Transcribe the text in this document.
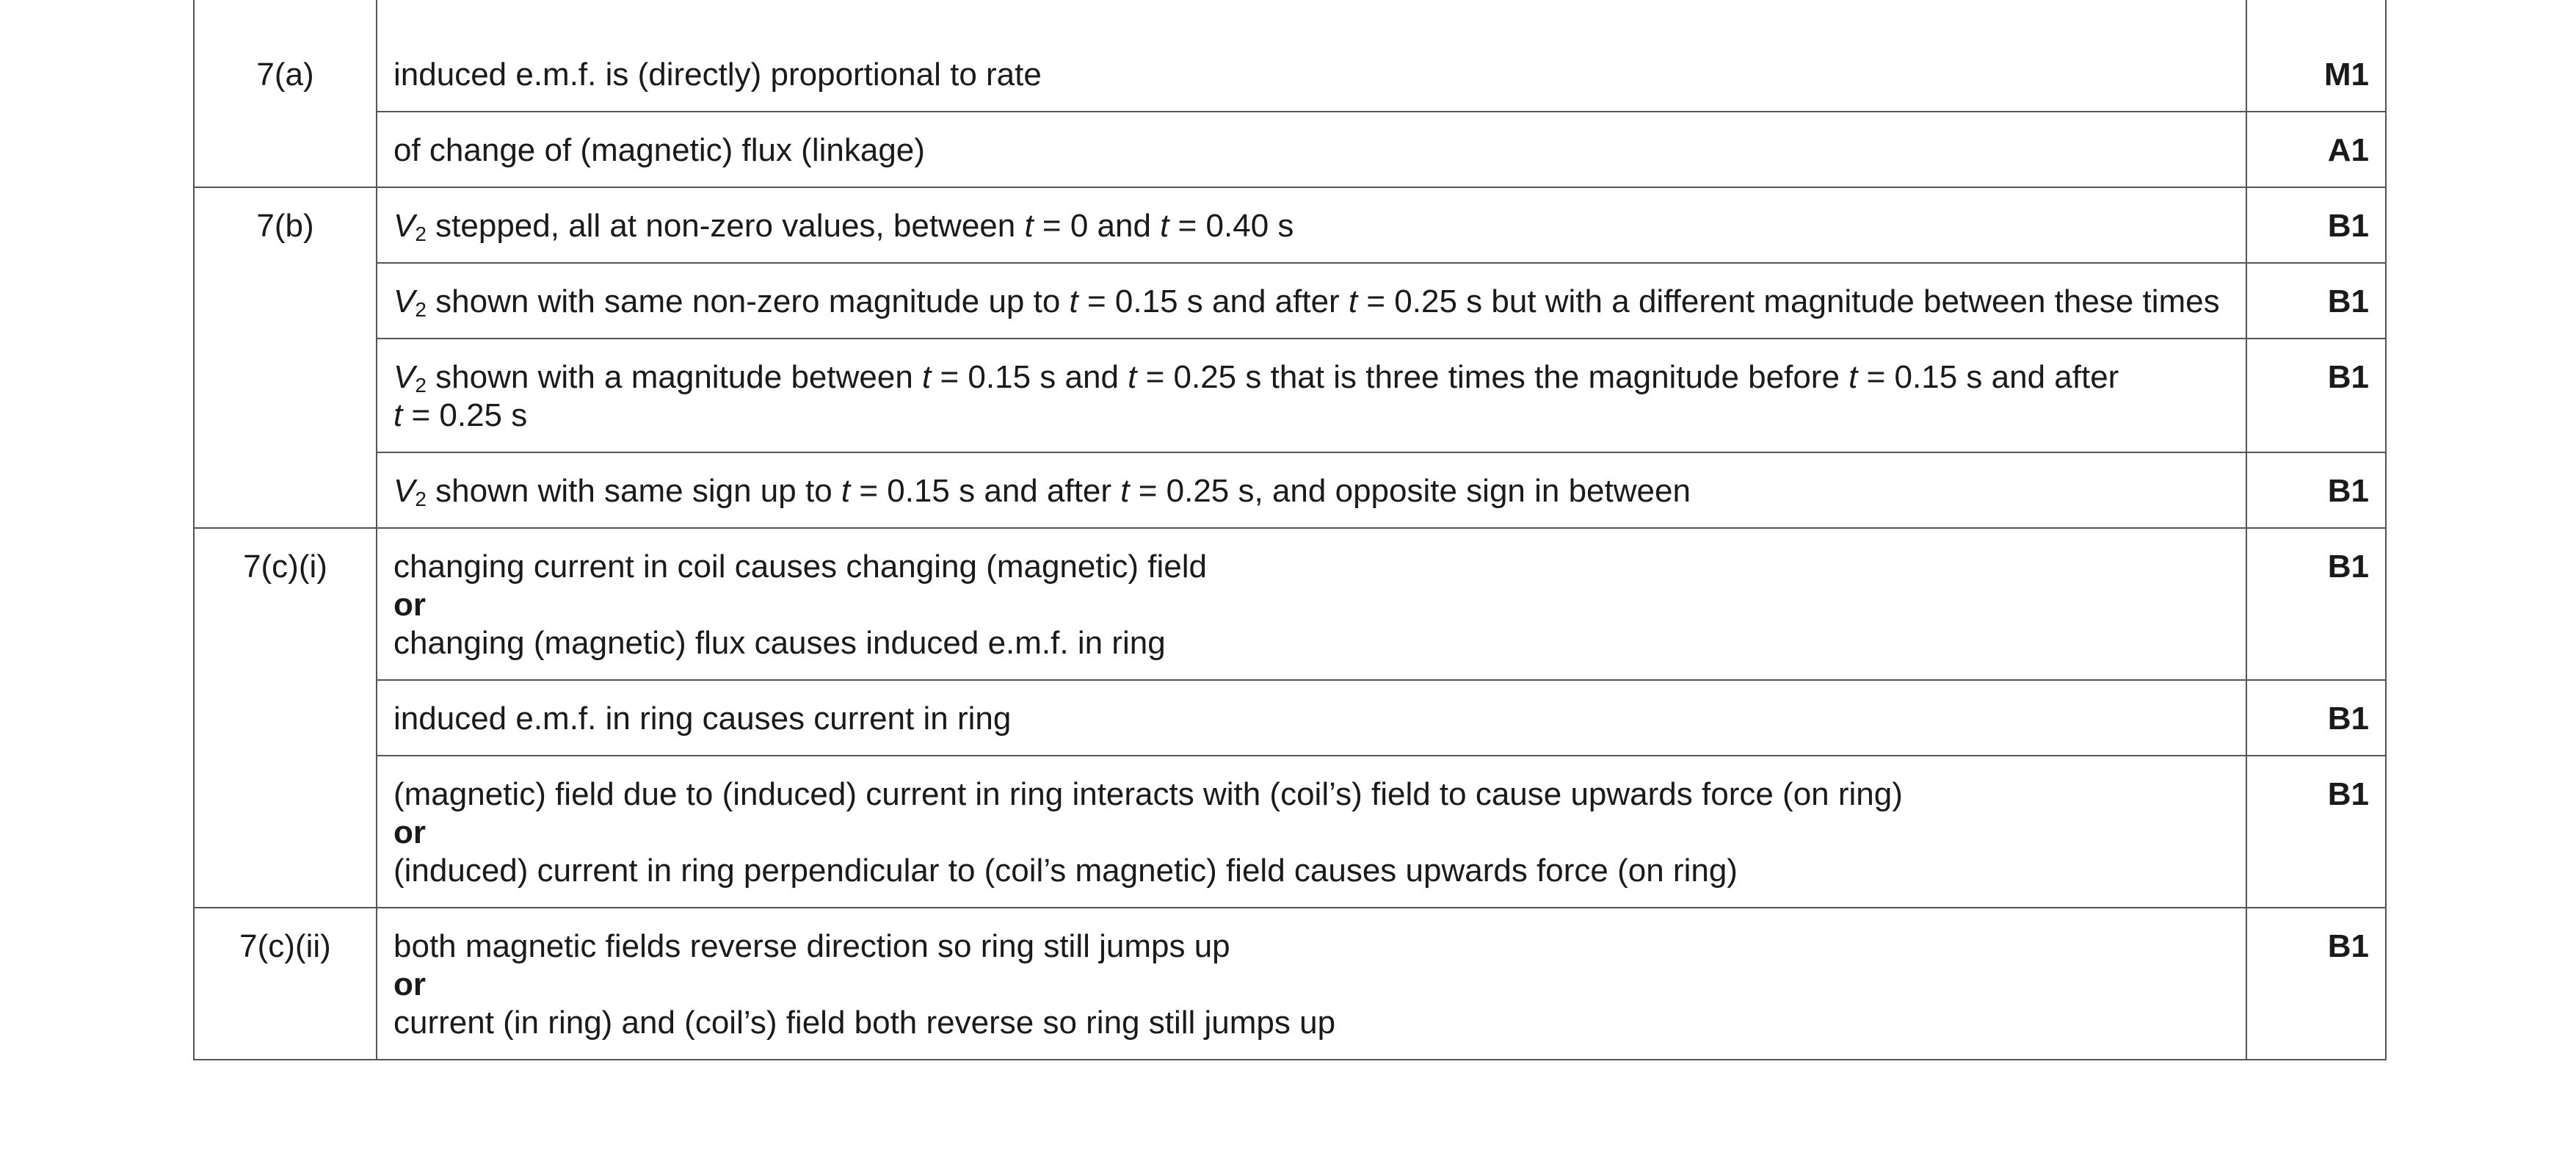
7(a)	induced e.m.f. is (directly) proportional to rate	M1
	of change of (magnetic) flux (linkage)	A1
7(b)	$V_2$ stepped, all at non-zero values, between t = 0 and t = 0.40 s	B1
	$V_2$ shown with same non-zero magnitude up to t = 0.15 s and after t = 0.25 s but with a different magnitude between these times	B1
	$V_2$ shown with a magnitude between t = 0.15 s and t = 0.25 s that is three times the magnitude before t = 0.15 s and after
t = 0.25 s	B1
	$V_2$ shown with same sign up to t = 0.15 s and after t = 0.25 s, and opposite sign in between	B1
7(c)(i)	changing current in coil causes changing (magnetic) field
or
changing (magnetic) flux causes induced e.m.f. in ring	B1
	induced e.m.f. in ring causes current in ring	B1

	(magnetic) field due to (induced) current in ring interacts with (coil’s) field to cause upwards force (on ring)
or
(induced) current in ring perpendicular to (coil’s magnetic) field causes upwards force (on ring)	B1
7(c)(ii)	both magnetic fields reverse direction so ring still jumps up
or
current (in ring) and (coil’s) field both reverse so ring still jumps up	B1
